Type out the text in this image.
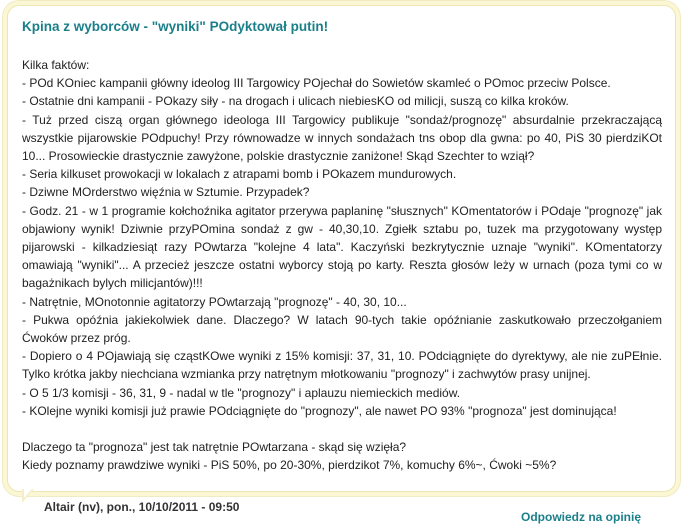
Kpina z wyborców - "wyniki" POdyktował putin!

Kilka faktów:

- POd KOniec kampanii główny ideolog III Targowicy POjechał do Sowietów skamleć o POmoc przeciw Polsce.

- Ostatnie dni kampanii - POkazy siły - na drogach i ulicach niebiesKO od milicji, suszą co kilka kroków.

- Tuż przed ciszą organ głównego ideologa III Targowicy publikuje "sondaż/prognozę" absurdalnie przekraczającą wszystkie pijarowskie POdpuchy! Przy równowadze w innych sondażach tns obop dla gwna: po 40, PiS 30 pierdziKOt 10... Prosowieckie drastycznie zawyżone, polskie drastycznie zaniżone! Skąd Szechter to wziął?

- Seria kilkuset prowokacji w lokalach z atrapami bomb i POkazem mundurowych.

- Dziwne MOrderstwo więźnia w Sztumie. Przypadek?

- Godz. 21 - w 1 programie kołchoźnika agitator przerywa paplaninę "słusznych" KOmentatorów i POdaje "prognozę" jak objawiony wynik! Dziwnie przyPOmina sondaż z gw - 40,30,10. Zgiełk sztabu po, tuzek ma przygotowany występ pijarowski - kilkadziesiąt razy POwtarza "kolejne 4 lata". Kaczyński bezkrytycznie uznaje "wyniki". KOmentatorzy omawiają "wyniki"... A przecież jeszcze ostatni wyborcy stoją po karty. Reszta głosów leży w urnach (poza tymi co w bagażnikach bylych milicjantów)!!!

- Natrętnie, MOnotonnie agitatorzy POwtarzają "prognozę" - 40, 30, 10...

- Pukwa opóźnia jakiekolwiek dane. Dlaczego? W latach 90-tych takie opóźnianie zaskutkowało przeczołganiem Ćwoków przez próg.

- Dopiero o 4 POjawiają się cząstKOwe wyniki z 15% komisji: 37, 31, 10. POdciągnięte do dyrektywy, ale nie zuPEłnie. Tylko krótka jakby niechciana wzmianka przy natrętnym młotkowaniu "prognozy" i zachwytów prasy unijnej.

- O 5 1/3 komisji - 36, 31, 9 - nadal w tle "prognozy" i aplauzu niemieckich mediów.

- KOlejne wyniki komisji już prawie POdciągnięte do "prognozy", ale nawet PO 93% "prognoza" jest dominująca!

Dlaczego ta "prognoza" jest tak natrętnie POwtarzana - skąd się wzięła?

Kiedy poznamy prawdziwe wyniki - PiS 50%, po 20-30%, pierdzikot 7%, komuchy 6%~, Ćwoki ~5%?

Altair (nv), pon., 10/10/2011 - 09:50
Odpowiedz na opinię
